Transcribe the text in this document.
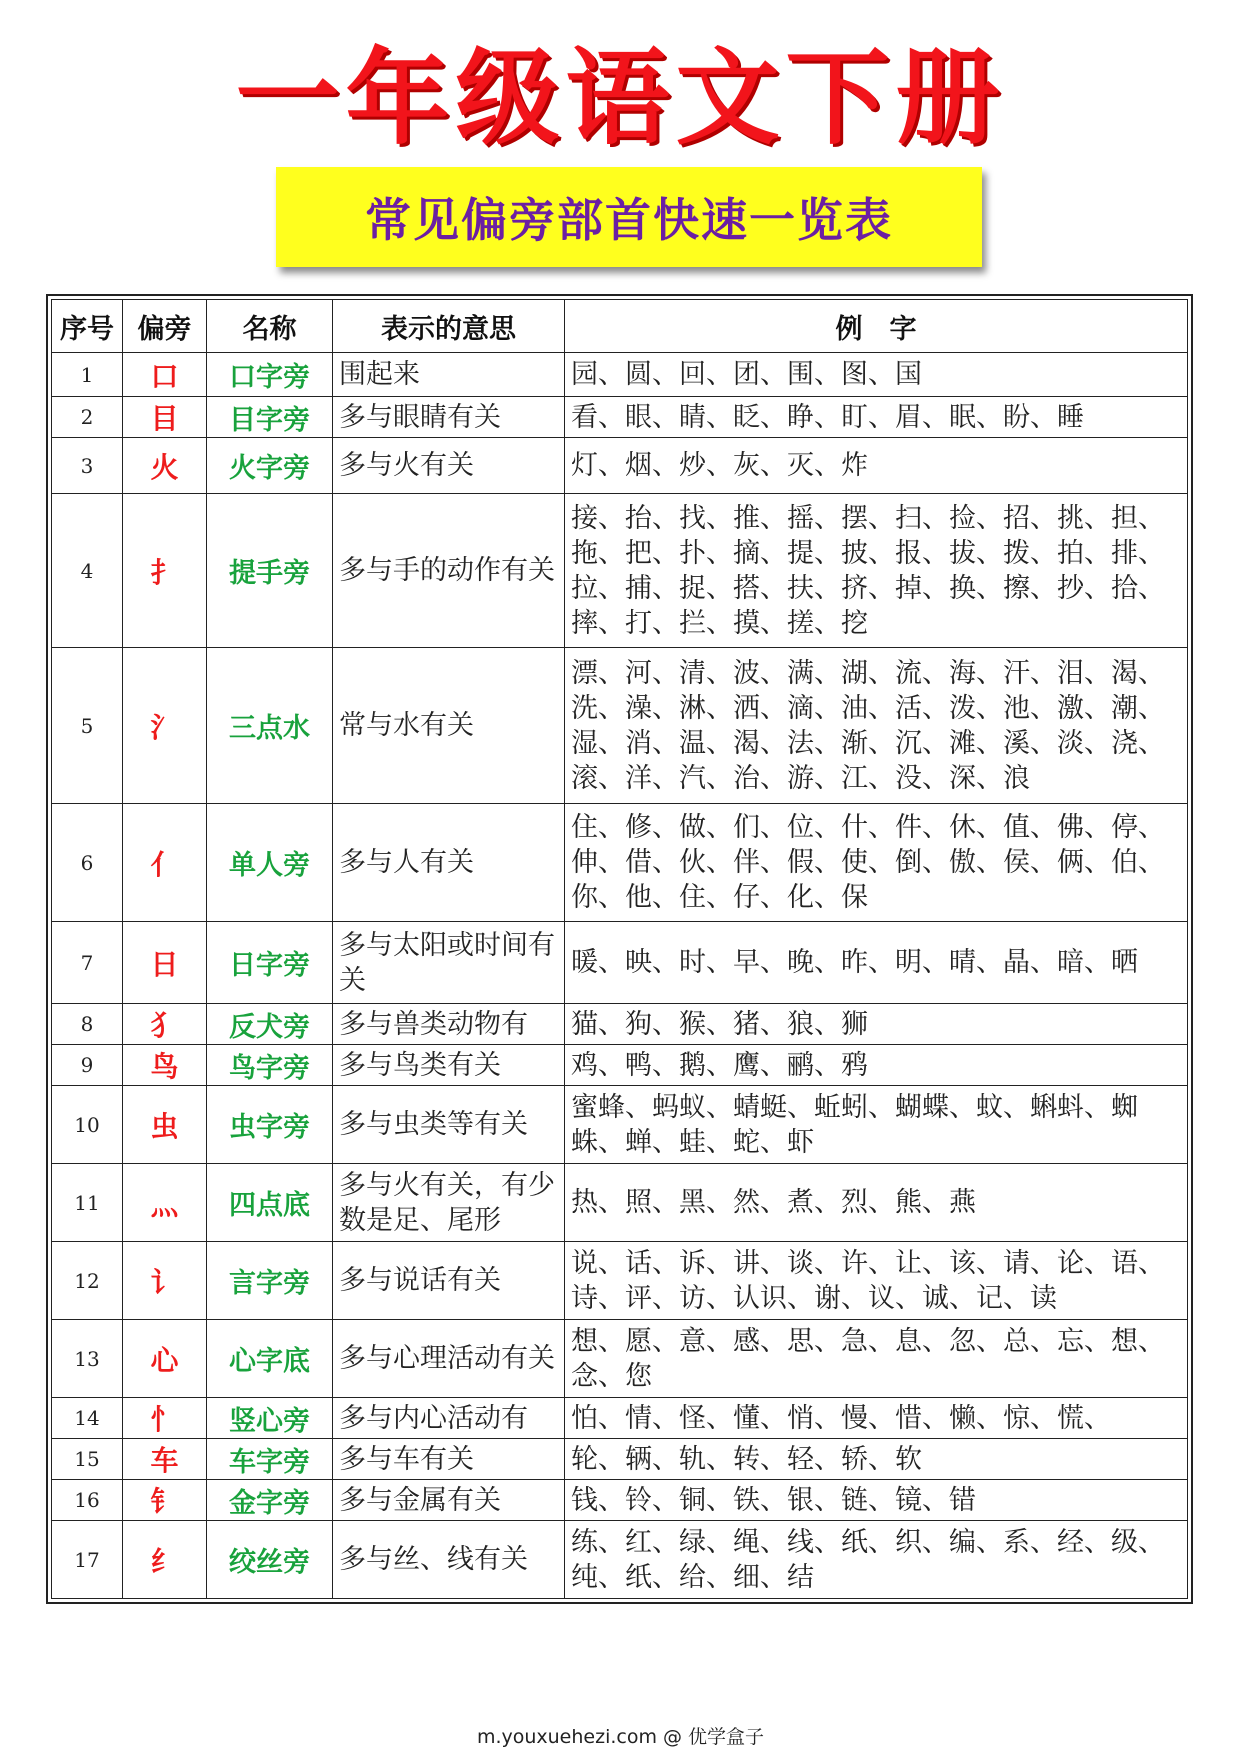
一年级语文下册
常见偏旁部首快速一览表
序号	偏旁	名称	表示的意思	例　字
1	口	口字旁	围起来	园、圆、回、团、围、图、国
2	目	目字旁	多与眼睛有关	看、眼、睛、眨、睁、盯、眉、眠、盼、睡
3	火	火字旁	多与火有关	灯、烟、炒、灰、灭、炸
4	扌	提手旁	多与手的动作有关	接、抬、找、推、摇、摆、扫、捡、招、挑、担、拖、把、扑、摘、提、披、报、拔、拨、拍、排、拉、捕、捉、搭、扶、挤、掉、换、擦、抄、拾、摔、打、拦、摸、搓、挖
5	氵	三点水	常与水有关	漂、河、清、波、满、湖、流、海、汗、泪、渴、洗、澡、淋、洒、滴、油、活、泼、池、激、潮、湿、消、温、渴、法、渐、沉、滩、溪、淡、浇、滚、洋、汽、治、游、江、没、深、浪

6	亻	单人旁	多与人有关	住、修、做、们、位、什、件、休、值、佛、停、伸、借、伙、伴、假、使、倒、傲、侯、俩、伯、你、他、住、仔、化、保
7	日	日字旁	多与太阳或时间有关	暖、映、时、早、晚、昨、明、晴、晶、暗、晒
8	犭	反犬旁	多与兽类动物有	猫、狗、猴、猪、狼、狮
9	鸟	鸟字旁	多与鸟类有关	鸡、鸭、鹅、鹰、鹂、鸦
10	虫	虫字旁	多与虫类等有关	蜜蜂、蚂蚁、蜻蜓、蚯蚓、蝴蝶、蚊、蝌蚪、蜘蛛、蝉、蛙、蛇、虾
11	灬	四点底	多与火有关，有少数是足、尾形	热、照、黑、然、煮、烈、熊、燕
12	讠	言字旁	多与说话有关	说、话、诉、讲、谈、许、让、该、请、论、语、诗、评、访、认识、谢、议、诚、记、读
13	心	心字底	多与心理活动有关	想、愿、意、感、思、急、息、忽、总、忘、想、念、您
14	忄	竖心旁	多与内心活动有	怕、情、怪、懂、悄、慢、惜、懒、惊、慌、
15	车	车字旁	多与车有关	轮、辆、轨、转、轻、轿、软
16	钅	金字旁	多与金属有关	钱、铃、铜、铁、银、链、镜、错
17	纟	绞丝旁	多与丝、线有关	练、红、绿、绳、线、纸、织、编、系、经、级、纯、纸、给、细、结
m.youxuehezi.com @ 优学盒子
